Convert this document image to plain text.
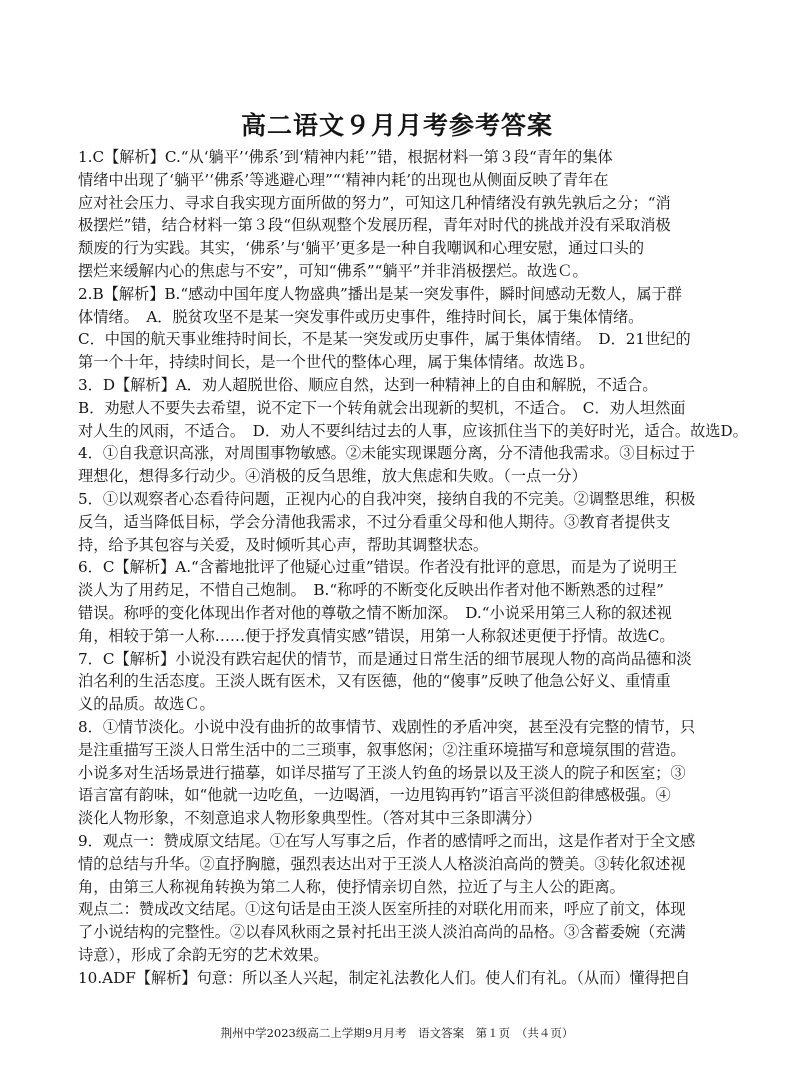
高二语文９月月考参考答案
1.C【解析】C.“从‘躺平’‘佛系’到‘精神内耗’”错，根据材料一第３段“青年的集体
情绪中出现了‘躺平’‘佛系’等逃避心理”“‘精神内耗’的出现也从侧面反映了青年在
应对社会压力、寻求自我实现方面所做的努力”，可知这几种情绪没有孰先孰后之分；“消
极摆烂”错，结合材料一第３段“但纵观整个发展历程，青年对时代的挑战并没有采取消极
颓废的行为实践。其实，‘佛系’与‘躺平’更多是一种自我嘲讽和心理安慰，通过口头的
摆烂来缓解内心的焦虑与不安”，可知“佛系”“躺平”并非消极摆烂。故选Ｃ。
2.B【解析】B.“感动中国年度人物盛典”播出是某一突发事件，瞬时间感动无数人，属于群
体情绪。　A．脱贫攻坚不是某一突发事件或历史事件，维持时间长，属于集体情绪。
C．中国的航天事业维持时间长，不是某一突发或历史事件，属于集体情绪。　D．21世纪的
第一个十年，持续时间长，是一个世代的整体心理，属于集体情绪。故选Ｂ。
3．D【解析】A．劝人超脱世俗、顺应自然，达到一种精神上的自由和解脱，不适合。
B．劝慰人不要失去希望，说不定下一个转角就会出现新的契机，不适合。　C．劝人坦然面
对人生的风雨，不适合。　D．劝人不要纠结过去的人事，应该抓住当下的美好时光，适合。故选D。
4．①自我意识高涨，对周围事物敏感。②未能实现课题分离，分不清他我需求。③目标过于
理想化，想得多行动少。④消极的反刍思维，放大焦虑和失败。（一点一分）
5．①以观察者心态看待问题，正视内心的自我冲突，接纳自我的不完美。②调整思维，积极
反刍，适当降低目标，学会分清他我需求，不过分看重父母和他人期待。③教育者提供支
持，给予其包容与关爱，及时倾听其心声，帮助其调整状态。
6．C【解析】A.“含蓄地批评了他疑心过重”错误。作者没有批评的意思，而是为了说明王
淡人为了用药足，不惜自己炮制。　B.“称呼的不断变化反映出作者对他不断熟悉的过程”
错误。称呼的变化体现出作者对他的尊敬之情不断加深。　D.“小说采用第三人称的叙述视
角，相较于第一人称……便于抒发真情实感”错误，用第一人称叙述更便于抒情。故选C。
7．C【解析】小说没有跌宕起伏的情节，而是通过日常生活的细节展现人物的高尚品德和淡
泊名利的生活态度。王淡人既有医术，又有医德，他的“傻事”反映了他急公好义、重情重
义的品质。故选Ｃ。
8．①情节淡化。小说中没有曲折的故事情节、戏剧性的矛盾冲突，甚至没有完整的情节，只
是注重描写王淡人日常生活中的二三琐事，叙事悠闲；②注重环境描写和意境氛围的营造。
小说多对生活场景进行描摹，如详尽描写了王淡人钓鱼的场景以及王淡人的院子和医室；③
语言富有韵味，如“他就一边吃鱼，一边喝酒，一边甩钩再钓”语言平淡但韵律感极强。④
淡化人物形象，不刻意追求人物形象典型性。（答对其中三条即满分）
9．观点一：赞成原文结尾。①在写人写事之后，作者的感情呼之而出，这是作者对于全文感
情的总结与升华。②直抒胸臆，强烈表达出对于王淡人人格淡泊高尚的赞美。③转化叙述视
角，由第三人称视角转换为第二人称，使抒情亲切自然，拉近了与主人公的距离。
观点二：赞成改文结尾。①这句话是由王淡人医室所挂的对联化用而来，呼应了前文，体现
了小说结构的完整性。②以春风秋雨之景衬托出王淡人淡泊高尚的品格。③含蓄委婉（充满
诗意），形成了余韵无穷的艺术效果。
10.ADF【解析】句意：所以圣人兴起，制定礼法教化人们。使人们有礼。（从而）懂得把自
荆州中学2023级高二上学期9月月考　语文答案　第１页　（共４页）
